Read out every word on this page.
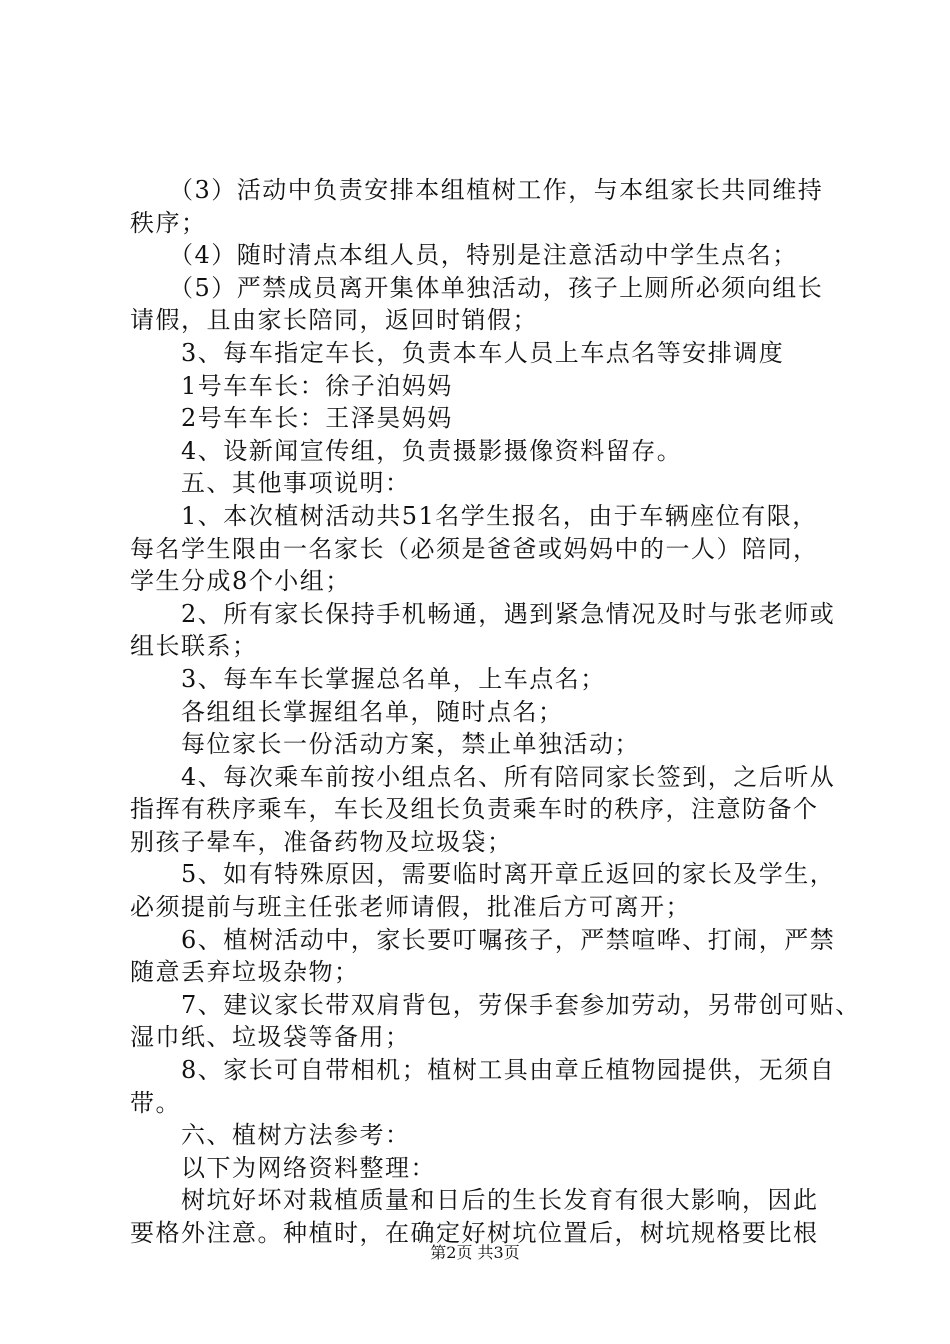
　　（3）活动中负责安排本组植树工作，与本组家长共同维持
秩序；
　　（4）随时清点本组人员，特别是注意活动中学生点名；
　　（5）严禁成员离开集体单独活动，孩子上厕所必须向组长
请假，且由家长陪同，返回时销假；
　　3、每车指定车长，负责本车人员上车点名等安排调度
　　1号车车长：徐子泊妈妈
　　2号车车长：王泽昊妈妈
　　4、设新闻宣传组，负责摄影摄像资料留存。
　　五、其他事项说明：
　　1、本次植树活动共51名学生报名，由于车辆座位有限，
每名学生限由一名家长（必须是爸爸或妈妈中的一人）陪同，
学生分成8个小组；
　　2、所有家长保持手机畅通，遇到紧急情况及时与张老师或
组长联系；
　　3、每车车长掌握总名单，上车点名；
　　各组组长掌握组名单，随时点名；
　　每位家长一份活动方案，禁止单独活动；
　　4、每次乘车前按小组点名、所有陪同家长签到，之后听从
指挥有秩序乘车，车长及组长负责乘车时的秩序，注意防备个
别孩子晕车，准备药物及垃圾袋；
　　5、如有特殊原因，需要临时离开章丘返回的家长及学生，
必须提前与班主任张老师请假，批准后方可离开；
　　6、植树活动中，家长要叮嘱孩子，严禁喧哗、打闹，严禁
随意丢弃垃圾杂物；
　　7、建议家长带双肩背包，劳保手套参加劳动，另带创可贴、
湿巾纸、垃圾袋等备用；
　　8、家长可自带相机；植树工具由章丘植物园提供，无须自
带。
　　六、植树方法参考：
　　以下为网络资料整理：
　　树坑好坏对栽植质量和日后的生长发育有很大影响，因此
要格外注意。种植时，在确定好树坑位置后，树坑规格要比根
第2页 共3页
